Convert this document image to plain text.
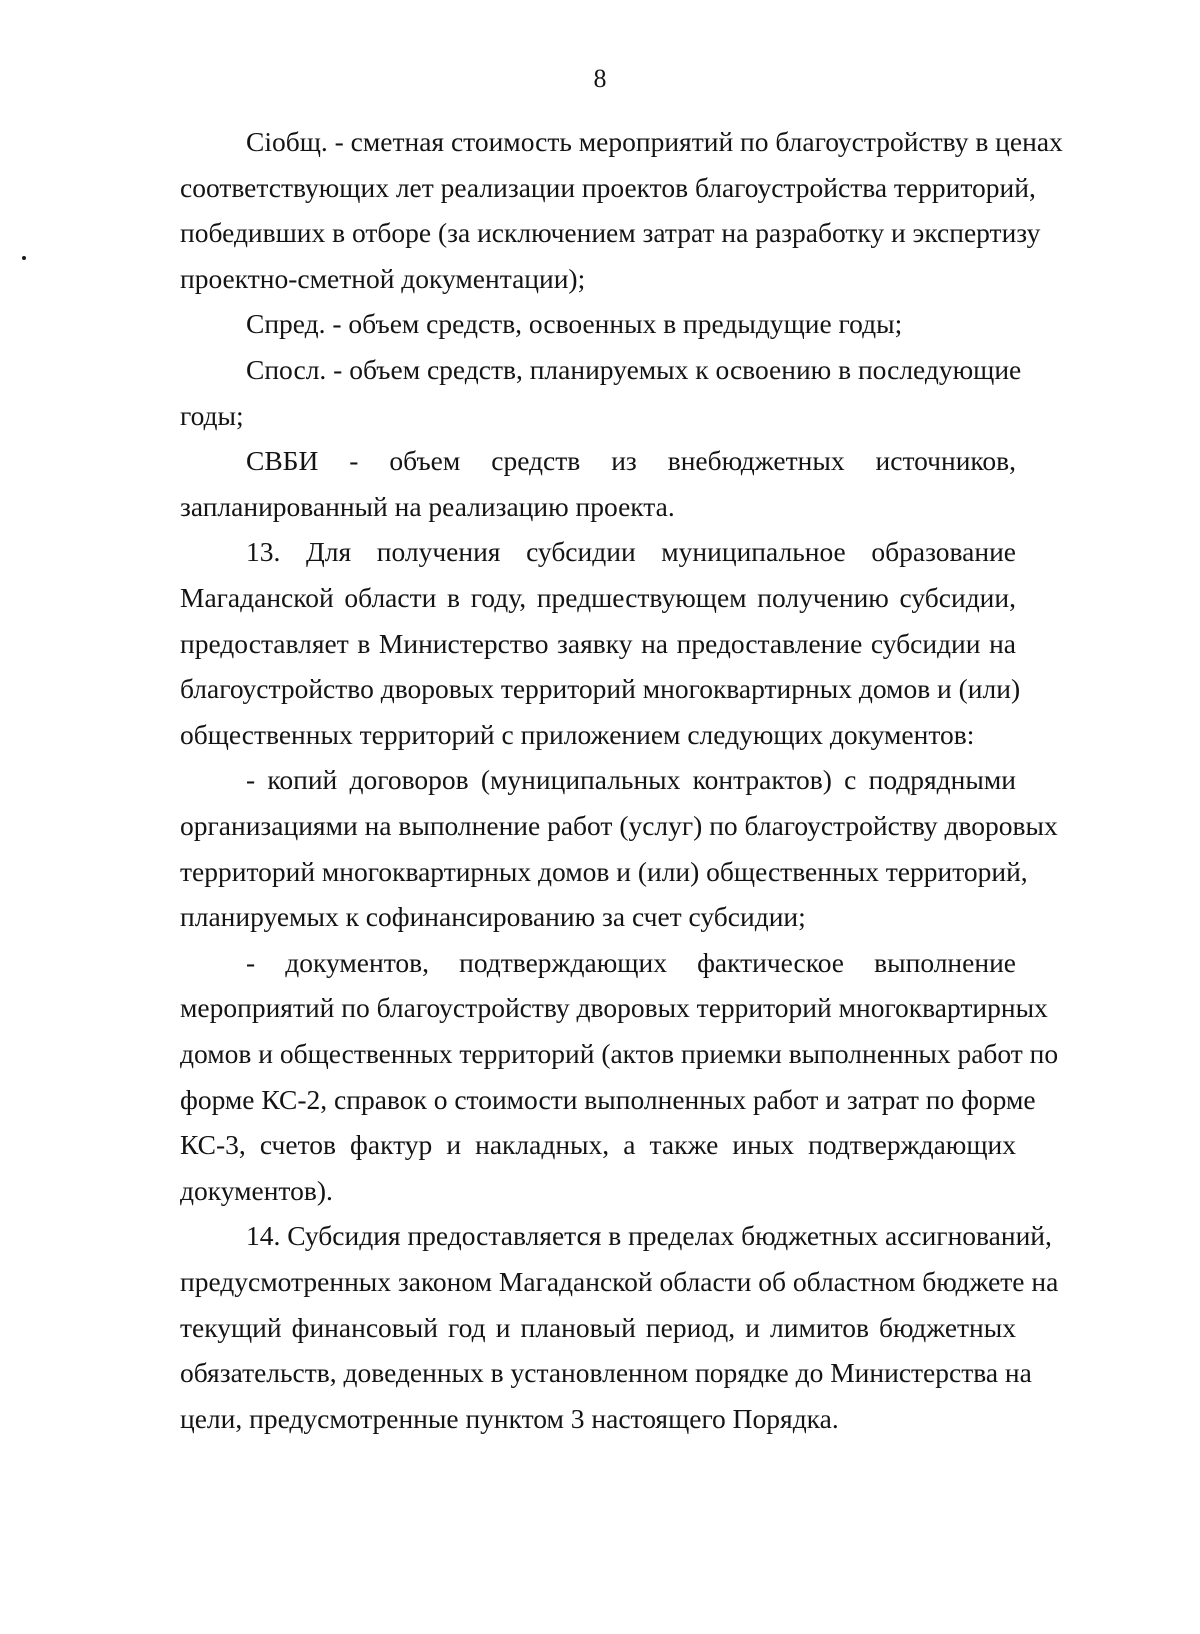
8
Сiобщ. - сметная стоимость мероприятий по благоустройству в ценах
соответствующих лет реализации проектов благоустройства территорий,
победивших в отборе (за исключением затрат на разработку и экспертизу
проектно-сметной документации);
Спред. - объем средств, освоенных в предыдущие годы;
Спосл. - объем средств, планируемых к освоению в последующие
годы;
СВБИ - объем средств из внебюджетных источников,
запланированный на реализацию проекта.
13. Для получения субсидии муниципальное образование
Магаданской области в году, предшествующем получению субсидии,
предоставляет в Министерство заявку на предоставление субсидии на
благоустройство дворовых территорий многоквартирных домов и (или)
общественных территорий с приложением следующих документов:
- копий договоров (муниципальных контрактов) с подрядными
организациями на выполнение работ (услуг) по благоустройству дворовых
территорий многоквартирных домов и (или) общественных территорий,
планируемых к софинансированию за счет субсидии;
- документов, подтверждающих фактическое выполнение
мероприятий по благоустройству дворовых территорий многоквартирных
домов и общественных территорий (актов приемки выполненных работ по
форме КС-2, справок о стоимости выполненных работ и затрат по форме
КС-3, счетов фактур и накладных, а также иных подтверждающих
документов).
14. Субсидия предоставляется в пределах бюджетных ассигнований,
предусмотренных законом Магаданской области об областном бюджете на
текущий финансовый год и плановый период, и лимитов бюджетных
обязательств, доведенных в установленном порядке до Министерства на
цели, предусмотренные пунктом 3 настоящего Порядка.
